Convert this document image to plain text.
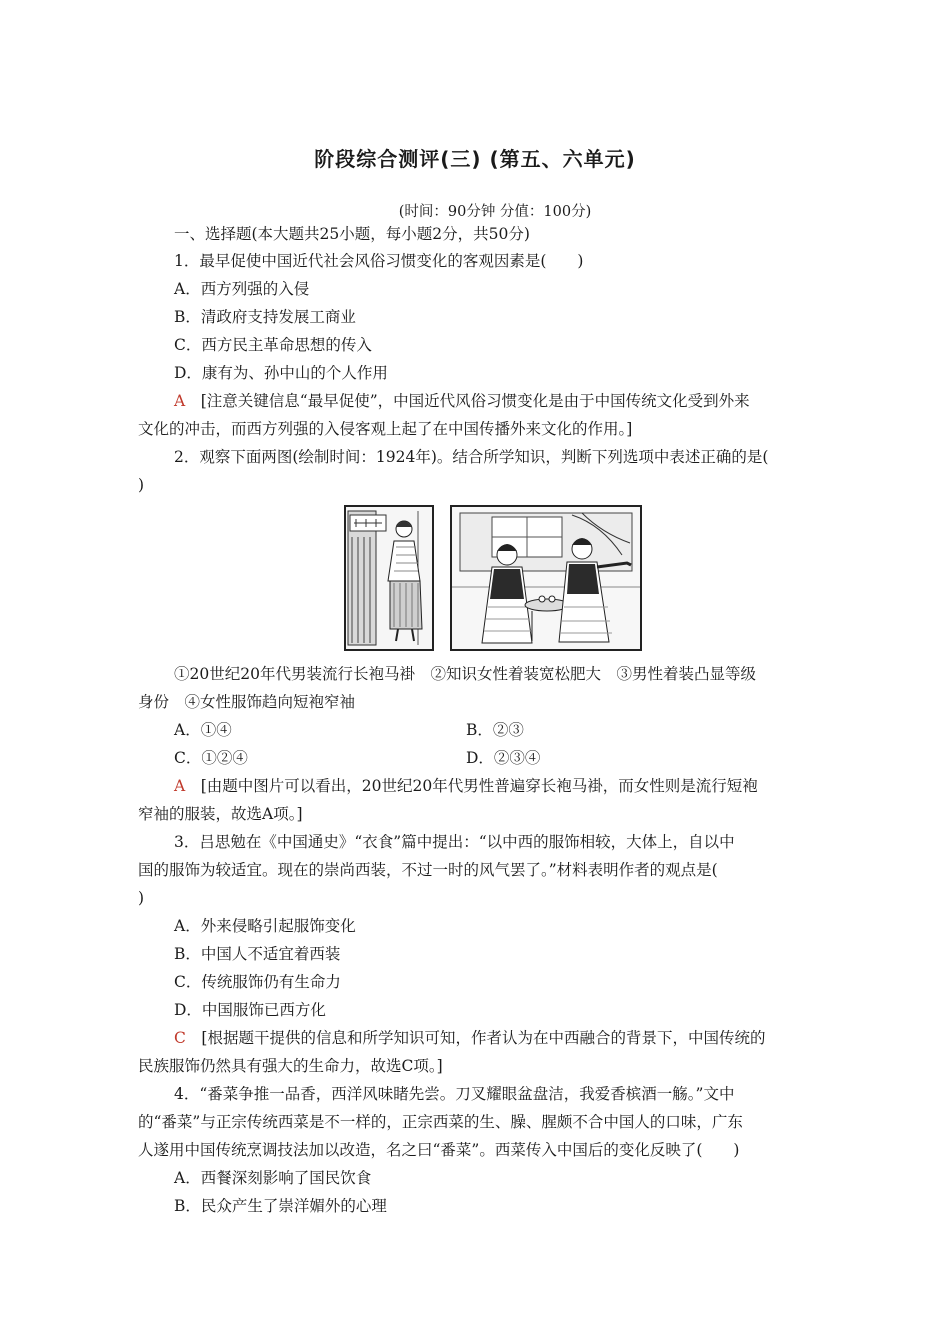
阶段综合测评(三) (第五、六单元)
(时间：90分钟 分值：100分)
一、选择题(本大题共25小题，每小题2分，共50分)
1．最早促使中国近代社会风俗习惯变化的客观因素是(　　)
A．西方列强的入侵
B．清政府支持发展工商业
C．西方民主革命思想的传入
D．康有为、孙中山的个人作用
A　 [注意关键信息“最早促使”，中国近代风俗习惯变化是由于中国传统文化受到外来
文化的冲击，而西方列强的入侵客观上起了在中国传播外来文化的作用。]
2．观察下面两图(绘制时间：1924年)。结合所学知识，判断下列选项中表述正确的是(
)
①20世纪20年代男装流行长袍马褂　②知识女性着装宽松肥大　③男性着装凸显等级
身份　④女性服饰趋向短袍窄袖
A．①④	B．②③
C．①②④	D．②③④
A　 [由题中图片可以看出，20世纪20年代男性普遍穿长袍马褂，而女性则是流行短袍
窄袖的服装，故选A项。]
3．吕思勉在《中国通史》“衣食”篇中提出：“以中西的服饰相较，大体上，自以中
国的服饰为较适宜。现在的崇尚西装，不过一时的风气罢了。”材料表明作者的观点是(
)
A．外来侵略引起服饰变化
B．中国人不适宜着西装
C．传统服饰仍有生命力
D．中国服饰已西方化
C　 [根据题干提供的信息和所学知识可知，作者认为在中西融合的背景下，中国传统的
民族服饰仍然具有强大的生命力，故选C项。]
4．“番菜争推一品香，西洋风味睹先尝。刀叉耀眼盆盘洁，我爱香槟酒一觞。”文中
的“番菜”与正宗传统西菜是不一样的，正宗西菜的生、臊、腥颇不合中国人的口味，广东
人遂用中国传统烹调技法加以改造，名之曰“番菜”。西菜传入中国后的变化反映了(　　)
A．西餐深刻影响了国民饮食
B．民众产生了崇洋媚外的心理
